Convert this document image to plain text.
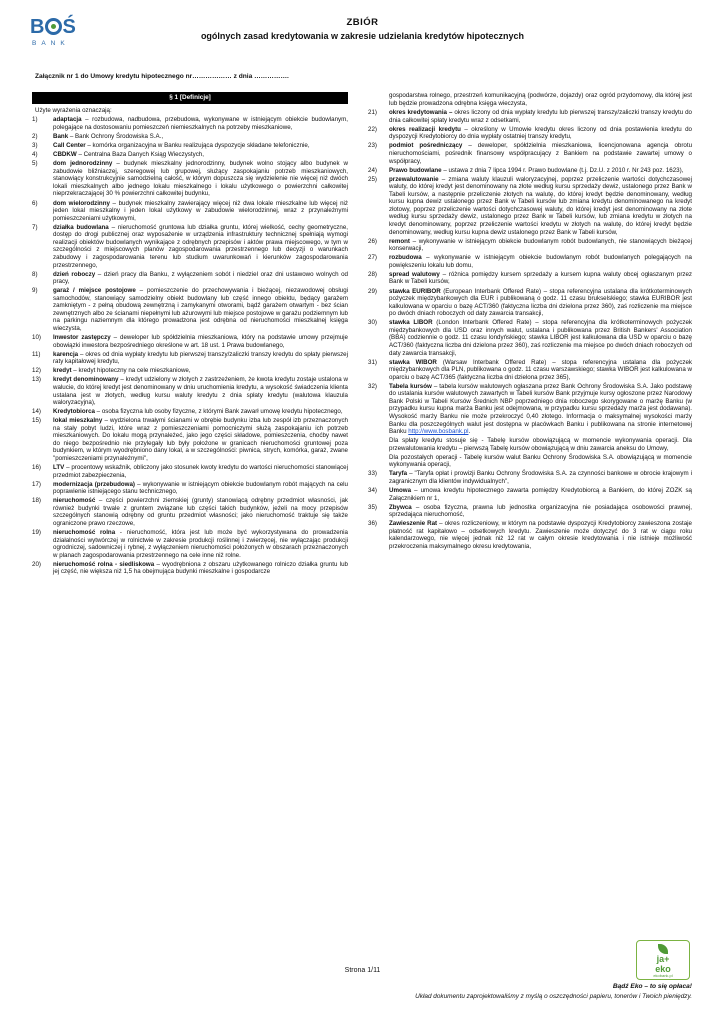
B Ś
BANK
ZBIÓR
ogólnych zasad kredytowania w zakresie udzielania kredytów hipotecznych
Załącznik nr 1 do Umowy kredytu hipotecznego nr……………… z dnia …………….
§ 1 [Definicje]
Użyte wyrażenia oznaczają:
1)	adaptacja – rozbudowa, nadbudowa, przebudowa, wykonywane w istniejącym obiekcie budowlanym, polegające na dostosowaniu pomieszczeń niemieszkalnych na potrzeby mieszkaniowe,
2)	Bank – Bank Ochrony Środowiska S.A.,
3)	Call Center – komórka organizacyjna w Banku realizująca dyspozycje składane telefonicznie,
4)	CBDKW – Centralna Baza Danych Ksiąg Wieczystych,
5)	dom jednorodzinny – budynek mieszkalny jednorodzinny, budynek wolno stojący albo budynek w zabudowie bliźniaczej, szeregowej lub grupowej, służący zaspokajaniu potrzeb mieszkaniowych, stanowiący konstrukcyjnie samodzielną całość, w którym dopuszcza się wydzielenie nie więcej niż dwóch lokali mieszkalnych albo jednego lokalu mieszkalnego i lokalu użytkowego o powierzchni całkowitej nieprzekraczającej 30 % powierzchni całkowitej budynku,
6)	dom wielorodzinny – budynek mieszkalny zawierający więcej niż dwa lokale mieszkalne lub więcej niż jeden lokal mieszkalny i jeden lokal użytkowy w zabudowie wielorodzinnej, wraz z przynależnymi pomieszczeniami użytkowymi,
7)	działka budowlana – nieruchomość gruntowa lub działka gruntu, której wielkość, cechy geometryczne, dostęp do drogi publicznej oraz wyposażenie w urządzenia infrastruktury technicznej spełniają wymogi realizacji obiektów budowlanych wynikające z odrębnych przepisów i aktów prawa miejscowego, w tym w szczególności z miejscowych planów zagospodarowania przestrzennego lub decyzji o warunkach zabudowy i zagospodarowania terenu lub studium uwarunkowań i kierunków zagospodarowania przestrzennego,
8)	dzień roboczy – dzień pracy dla Banku, z wyłączeniem sobót i niedziel oraz dni ustawowo wolnych od pracy,
9)	garaż / miejsce postojowe – pomieszczenie do przechowywania i bieżącej, niezawodowej obsługi samochodów, stanowiący samodzielny obiekt budowlany lub część innego obiektu, będący garażem zamkniętym - z pełną obudową zewnętrzną i zamykanymi otworami, bądź garażem otwartym - bez ścian zewnętrznych albo ze ścianami niepełnymi lub ażurowymi lub miejsce postojowe w garażu podziemnym lub na parkingu naziemnym dla którego prowadzona jest odrębna od nieruchomości mieszkalnej księga wieczysta,
10)	Inwestor zastępczy – deweloper lub spółdzielnia mieszkaniowa, który na podstawie umowy przejmuje obowiązki inwestora bezpośredniego określone w art. 18 ust. 1 Prawa budowlanego,
11)	karencja – okres od dnia wypłaty kredytu lub pierwszej transzy/zaliczki transzy kredytu do spłaty pierwszej raty kapitałowej kredytu,
12)	kredyt – kredyt hipoteczny na cele mieszkaniowe,
13)	kredyt denominowany – kredyt udzielony w złotych z zastrzeżeniem, że kwota kredytu zostaje ustalona w walucie, do której kredyt jest denominowany w dniu uruchomienia kredytu, a wysokość świadczenia klienta ustalana jest w złotych, według kursu waluty kredytu z dnia spłaty kredytu (walutowa klauzula waloryzacyjna),
14)	Kredytobiorca – osoba fizyczna lub osoby fizyczne, z którymi Bank zawarł umowę kredytu hipotecznego,
15)	lokal mieszkalny – wydzielona trwałymi ścianami w obrębie budynku izba lub zespół izb przeznaczonych na stały pobyt ludzi, które wraz z pomieszczeniami pomocniczymi służą zaspokajaniu ich potrzeb mieszkaniowych. Do lokalu mogą przynależeć, jako jego części składowe, pomieszczenia, choćby nawet do niego bezpośrednio nie przylegały lub były położone w granicach nieruchomości gruntowej poza budynkiem, w którym wyodrębniono dany lokal, a w szczególności: piwnica, strych, komórka, garaż, zwane "pomieszczeniami przynależnymi",
16)	LTV – procentowy wskaźnik, obliczony jako stosunek kwoty kredytu do wartości nieruchomości stanowiącej przedmiot zabezpieczenia,
17)	modernizacja (przebudowa) – wykonywanie w istniejącym obiekcie budowlanym robót mających na celu poprawienie istniejącego stanu technicznego,
18)	nieruchomość – części powierzchni ziemskiej (grunty) stanowiącą odrębny przedmiot własności, jak również budynki trwale z gruntem związane lub części takich budynków, jeżeli na mocy przepisów szczególnych stanowią odrębny od gruntu przedmiot własności; jako nieruchomość traktuje się także ograniczone prawo rzeczowe,
19)	nieruchomość rolna - nieruchomość, która jest lub może być wykorzystywana do prowadzenia działalności wytwórczej w rolnictwie w zakresie produkcji roślinnej i zwierzęcej, nie wyłączając produkcji ogrodniczej, sadowniczej i rybnej, z wyłączeniem nieruchomości położonych w obszarach przeznaczonych w planach zagospodarowania przestrzennego na cele inne niż rolne.
20)	nieruchomość rolna - siedliskowa – wyodrębniona z obszaru użytkowanego rolniczo działka gruntu lub jej część, nie większa niż 1,5 ha obejmująca budynki mieszkalne i gospodarcze
gospodarstwa rolnego, przestrzeń komunikacyjną (podwórze, dojazdy) oraz ogród przydomowy, dla której jest lub będzie prowadzona odrębna księga wieczysta,
21)	okres kredytowania – okres liczony od dnia wypłaty kredytu lub pierwszej transzy/zaliczki transzy kredytu do dnia całkowitej spłaty kredytu wraz z odsetkami,
22)	okres realizacji kredytu – określony w Umowie kredytu okres liczony od dnia postawienia kredytu do dyspozycji Kredytobiorcy do dnia wypłaty ostatniej transzy kredytu,
23)	podmiot pośredniczący – deweloper, spółdzielnia mieszkaniowa, licencjonowana agencja obrotu nieruchomościami, pośrednik finansowy współpracujący z Bankiem na podstawie zawartej umowy o współpracy,
24)	Prawo budowlane – ustawa z dnia 7 lipca 1994 r. Prawo budowlane (t.j. Dz.U. z 2010 r. Nr 243 poz. 1623),
25)	przewalutowanie – zmiana waluty klauzuli waloryzacyjnej, poprzez przeliczenie wartości dotychczasowej waluty, do której kredyt jest denominowany na złote według kursu sprzedaży dewiz, ustalonego przez Bank w Tabeli kursów, a następnie przeliczenie złotych na walutę, do której kredyt będzie denominowany, według kursu kupna dewiz ustalonego przez Bank w Tabeli kursów lub zmiana kredytu denominowanego na kredyt złotowy, poprzez przeliczenie wartości dotychczasowej waluty, do której kredyt jest denominowany na złote według kursu sprzedaży dewiz, ustalonego przez Bank w Tabeli kursów, lub zmiana kredytu w złotych na kredyt denominowany, poprzez przeliczenie wartości kredytu w złotych na walutę, do której kredyt będzie denominowany, według kursu kupna dewiz ustalonego przez Bank w Tabeli kursów,
26)	remont – wykonywanie w istniejącym obiekcie budowlanym robót budowlanych, nie stanowiących bieżącej konserwacji,
27)	rozbudowa – wykonywanie w istniejącym obiekcie budowlanym robót budowlanych polegających na powiększeniu lokalu lub domu,
28)	spread walutowy – różnica pomiędzy kursem sprzedaży a kursem kupna waluty obcej ogłaszanym przez Bank w Tabeli kursów,
29)	stawka EURIBOR (European Interbank Offered Rate) – stopa referencyjna ustalana dla krótkoterminowych pożyczek międzybankowych dla EUR i publikowaną o godz. 11 czasu brukselskiego; stawka EURIBOR jest kalkulowana w oparciu o bazę ACT/360 (faktyczna liczba dni dzielona przez 360), zaś rozliczenie ma miejsce po dwóch dniach roboczych od daty zawarcia transakcji,
30)	stawka LIBOR (London Interbank Offered Rate) – stopa referencyjna dla krótkoterminowych pożyczek międzybankowych dla USD oraz innych walut, ustalana i publikowana przez British Bankers' Association (BBA) codziennie o godz. 11 czasu londyńskiego; stawka LIBOR jest kalkulowana dla USD w oparciu o bazę ACT/360 (faktyczna liczba dni dzielona przez 360), zaś rozliczenie ma miejsce po dwóch dniach roboczych od daty zawarcia transakcji,
31)	stawka WIBOR (Warsaw Interbank Offered Rate) – stopa referencyjna ustalana dla pożyczek międzybankowych dla PLN, publikowana o godz. 11 czasu warszawskiego; stawka WIBOR jest kalkulowana w oparciu o bazę ACT/365 (faktyczna liczba dni dzielona przez 365),
32)	Tabela kursów – tabela kursów walutowych ogłaszana przez Bank Ochrony Środowiska S.A. Jako podstawę do ustalania kursów walutowych zawartych w Tabeli kursów Bank przyjmuje kursy ogłoszone przez Narodowy Bank Polski w Tabeli Kursów Średnich NBP poprzedniego dnia roboczego skorygowane o marżę Banku (w przypadku kursu kupna marża Banku jest odejmowana, w przypadku kursu sprzedaży marża jest dodawana). Wysokość marży Banku nie może przekroczyć 0,40 złotego. Informacja o maksymalnej wysokości marży Banku dla poszczególnych walut jest dostępna w placówkach Banku i publikowana na stronie internetowej Banku http://www.bosbank.pl.
Dla spłaty kredytu stosuje się - Tabelę kursów obowiązującą w momencie wykonywania operacji. Dla przewalutowania kredytu – pierwszą Tabelę kursów obowiązującą w dniu zawarcia aneksu do Umowy,
Dla pozostałych operacji - Tabelę kursów walut Banku Ochrony Środowiska S.A. obowiązującą w momencie wykonywania operacji,
33)	Taryfa – "Taryfa opłat i prowizji Banku Ochrony Środowiska S.A. za czynności bankowe w obrocie krajowym i zagranicznym dla klientów indywidualnych",
34)	Umowa – umowa kredytu hipotecznego zawarta pomiędzy Kredytobiorcą a Bankiem, do której ZOZK są Załącznikiem nr 1,
35)	Zbywca – osoba fizyczna, prawna lub jednostka organizacyjna nie posiadająca osobowości prawnej, sprzedająca nieruchomość,
36)	Zawieszenie Rat – okres rozliczeniowy, w którym na podstawie dyspozycji Kredytobiorcy zawieszona zostaje płatność rat kapitałowo – odsetkowych kredytu. Zawieszenie może dotyczyć do 3 rat w ciągu roku kalendarzowego, nie więcej jednak niż 12 rat w całym okresie kredytowania i nie istnieje możliwość przekroczenia maksymalnego okresu kredytowania,
Strona 1/11
ja+
eko
ekobank.pl
Bądź Eko – to się opłaca!
Układ dokumentu zaprojektowaliśmy z myślą o oszczędności papieru, tonerów i Twoich pieniędzy.
